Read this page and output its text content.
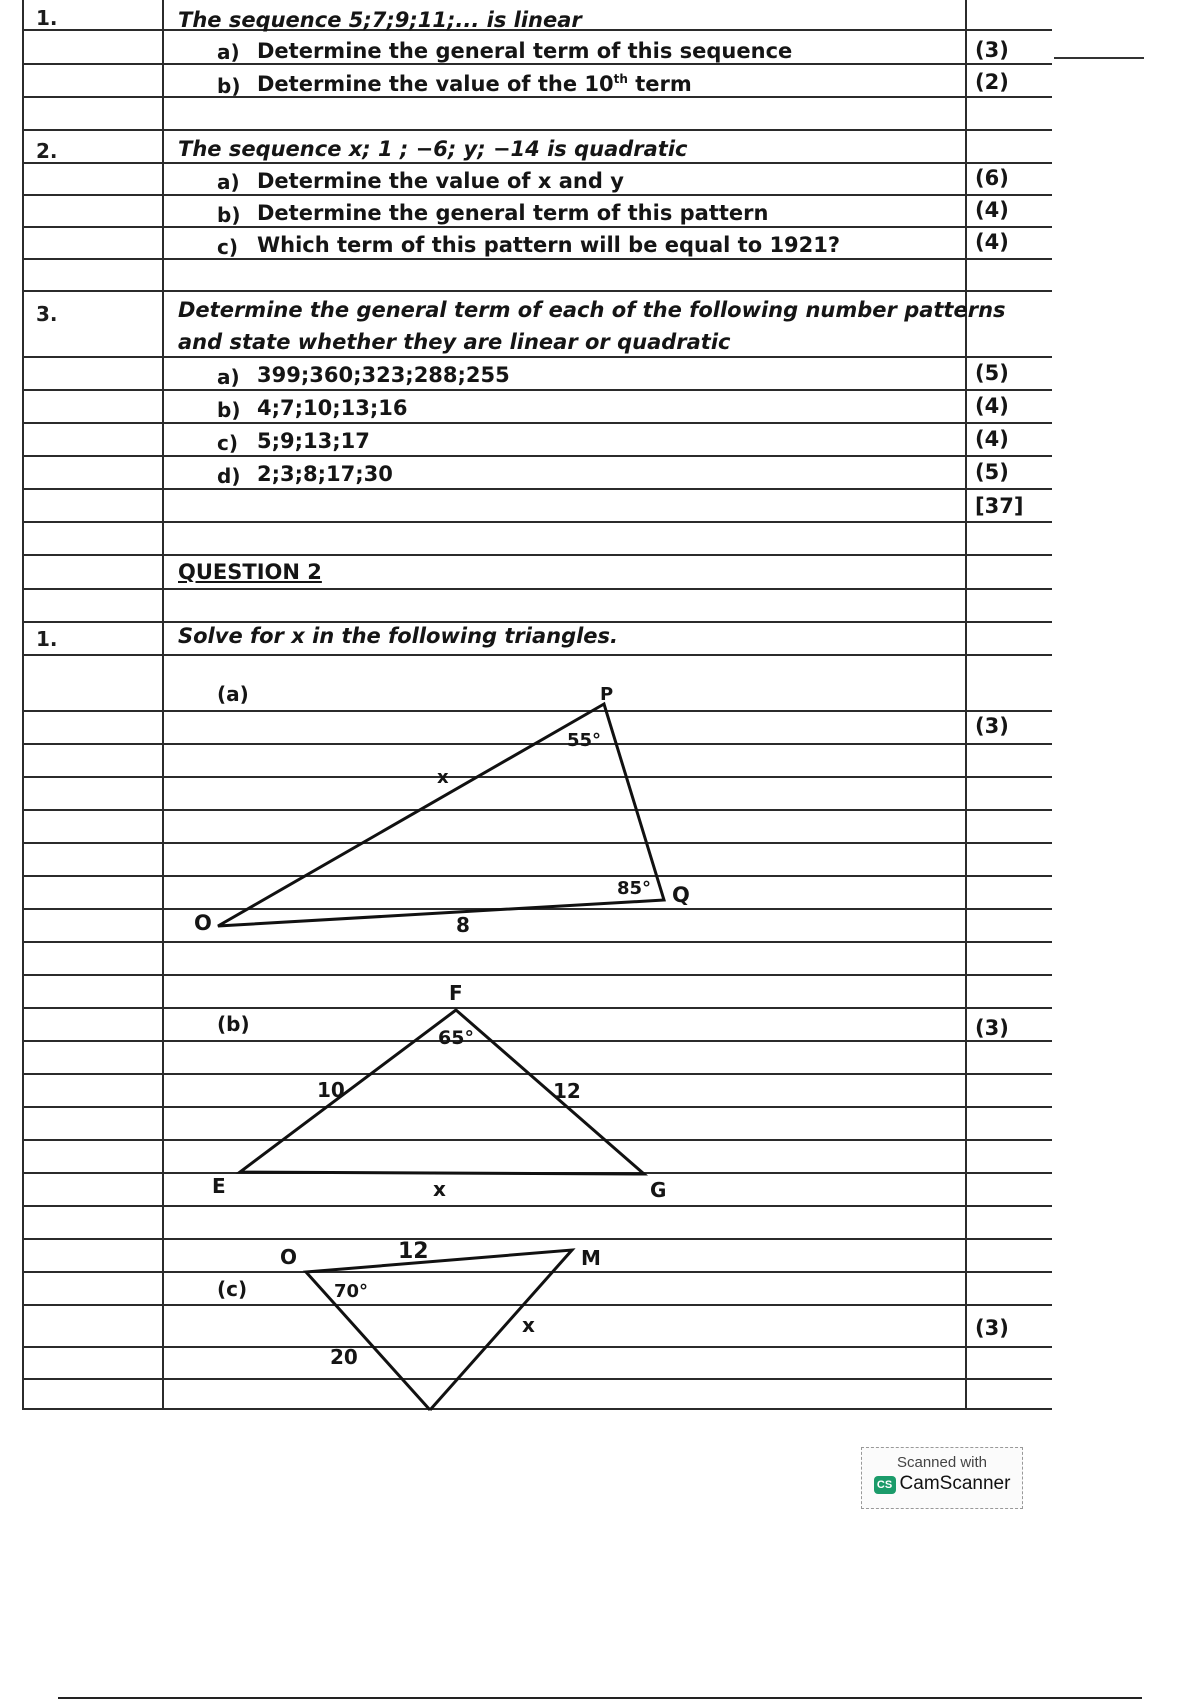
1.	The sequence 5;7;9;11;... is linear
a) Determine the general term of this sequence	(3)
b) Determine the value of the 10th term	(2)
2.	The sequence x; 1 ; −6; y; −14 is quadratic
a) Determine the value of x and y	(6)
b) Determine the general term of this pattern	(4)
c) Which term of this pattern will be equal to 1921?	(4)
3.	Determine the general term of each of the following number patterns
and state whether they are linear or quadratic
a) 399;360;323;288;255	(5)
b) 4;7;10;13;16	(4)
c) 5;9;13;17	(4)
d) 2;3;8;17;30	(5)
[37]
QUESTION 2
1.	Solve for x in the following triangles.
(a)
(3)
(b)	(3)
(c)
(3)
P
Q
O
55°
85°
x
8
F
E	G
65°
10	12
x
O	M
70°
12
20
x
Scanned with
CS CamScanner
